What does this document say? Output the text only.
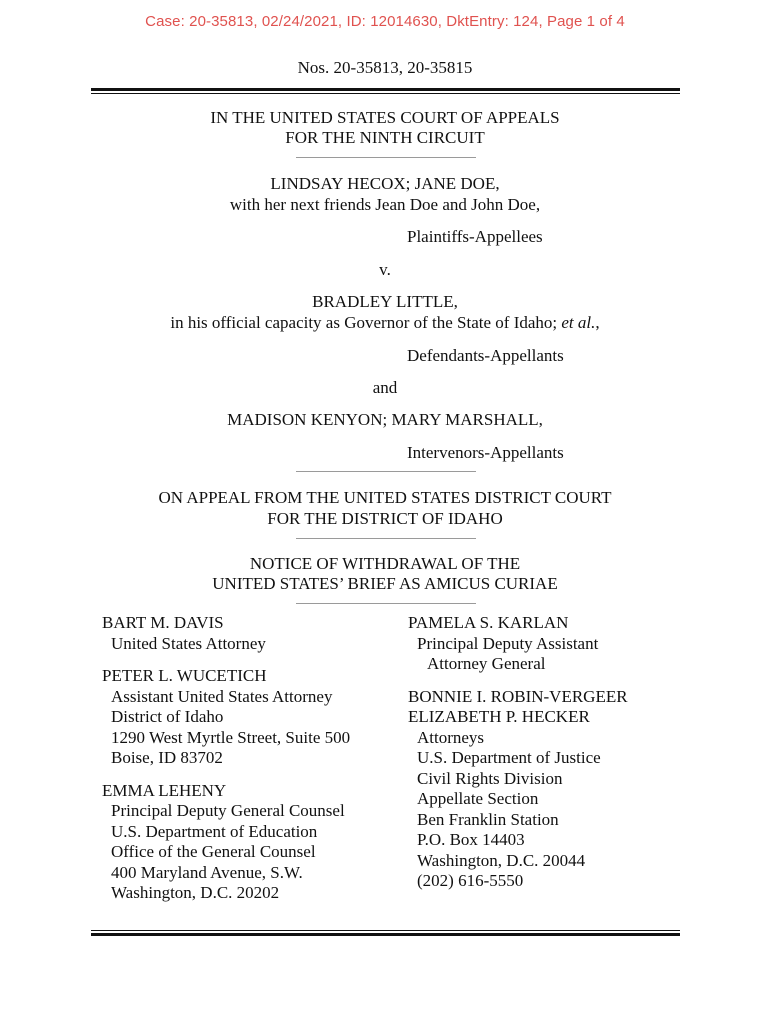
Case: 20-35813, 02/24/2021, ID: 12014630, DktEntry: 124, Page 1 of 4
Nos. 20-35813, 20-35815
IN THE UNITED STATES COURT OF APPEALS
FOR THE NINTH CIRCUIT
LINDSAY HECOX; JANE DOE,
with her next friends Jean Doe and John Doe,
Plaintiffs-Appellees
v.
BRADLEY LITTLE,
in his official capacity as Governor of the State of Idaho; et al.,
Defendants-Appellants
and
MADISON KENYON; MARY MARSHALL,
Intervenors-Appellants
ON APPEAL FROM THE UNITED STATES DISTRICT COURT
FOR THE DISTRICT OF IDAHO
NOTICE OF WITHDRAWAL OF THE
UNITED STATES’ BRIEF AS AMICUS CURIAE
BART M. DAVIS
United States Attorney
PETER L. WUCETICH
Assistant United States Attorney
District of Idaho
1290 West Myrtle Street, Suite 500
Boise, ID 83702
EMMA LEHENY
Principal Deputy General Counsel
U.S. Department of Education
Office of the General Counsel
400 Maryland Avenue, S.W.
Washington, D.C. 20202
PAMELA S. KARLAN
Principal Deputy Assistant
Attorney General
BONNIE I. ROBIN-VERGEER
ELIZABETH P. HECKER
Attorneys
U.S. Department of Justice
Civil Rights Division
Appellate Section
Ben Franklin Station
P.O. Box 14403
Washington, D.C. 20044
(202) 616-5550
